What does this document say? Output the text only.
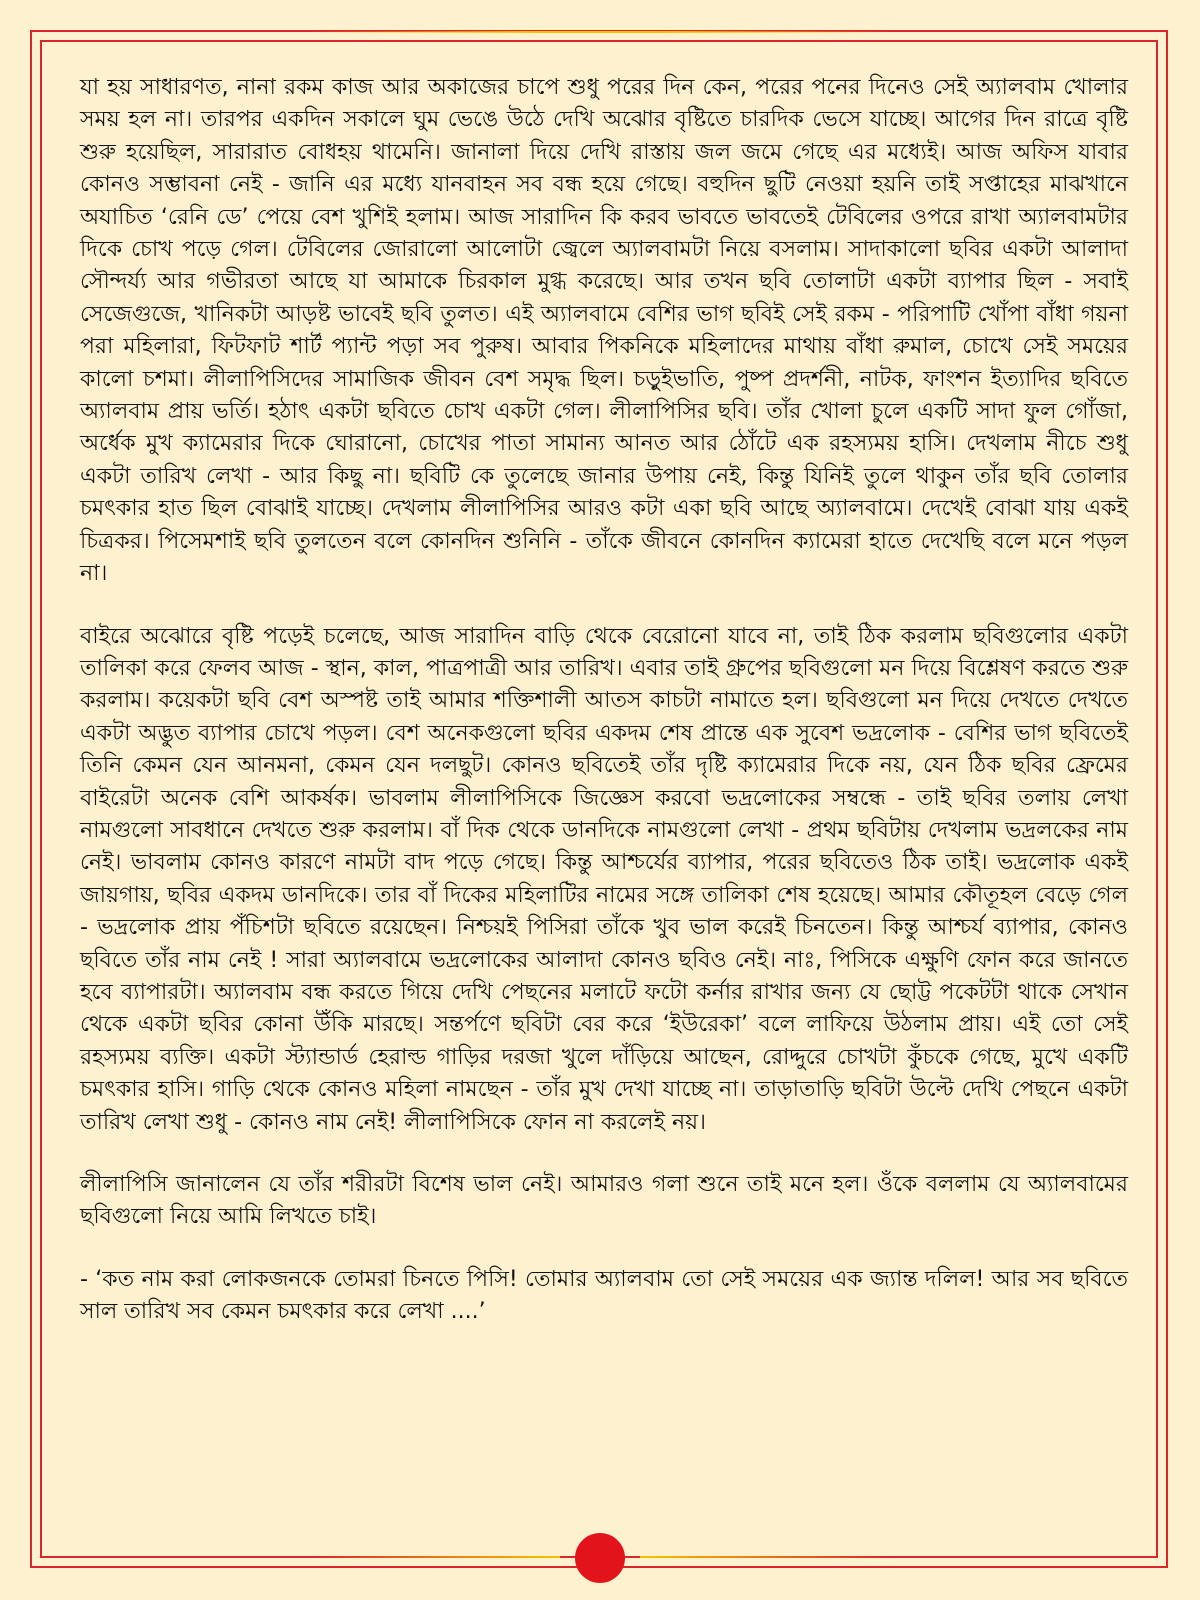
যা হয় সাধারণত, নানা রকম কাজ আর অকাজের চাপে শুধু পরের দিন কেন, পরের পনের দিনেও সেই অ্যালবাম খোলার সময় হল না। তারপর একদিন সকালে ঘুম ভেঙে উঠে দেখি অঝোর বৃষ্টিতে চারদিক ভেসে যাচ্ছে। আগের দিন রাত্রে বৃষ্টি শুরু হয়েছিল, সারারাত বোধহয় থামেনি। জানালা দিয়ে দেখি রাস্তায় জল জমে গেছে এর মধ্যেই। আজ অফিস যাবার কোনও সম্ভাবনা নেই - জানি এর মধ্যে যানবাহন সব বন্ধ হয়ে গেছে। বহুদিন ছুটি নেওয়া হয়নি তাই সপ্তাহের মাঝখানে অযাচিত ‘রেনি ডে’ পেয়ে বেশ খুশিই হলাম। আজ সারাদিন কি করব ভাবতে ভাবতেই টেবিলের ওপরে রাখা অ্যালবামটার দিকে চোখ পড়ে গেল। টেবিলের জোরালো আলোটা জ্বেলে অ্যালবামটা নিয়ে বসলাম। সাদাকালো ছবির একটা আলাদা সৌন্দর্য্য আর গভীরতা আছে যা আমাকে চিরকাল মুগ্ধ করেছে। আর তখন ছবি তোলাটা একটা ব্যাপার ছিল - সবাই সেজেগুজে, খানিকটা আড়ষ্ট ভাবেই ছবি তুলত। এই অ্যালবামে বেশির ভাগ ছবিই সেই রকম - পরিপাটি খোঁপা বাঁধা গয়না পরা মহিলারা, ফিটফাট শার্ট প্যান্ট পড়া সব পুরুষ। আবার পিকনিকে মহিলাদের মাথায় বাঁধা রুমাল, চোখে সেই সময়ের কালো চশমা। লীলাপিসিদের সামাজিক জীবন বেশ সমৃদ্ধ ছিল। চড়ুইভাতি, পুষ্প প্রদর্শনী, নাটক, ফাংশন ইত্যাদির ছবিতে অ্যালবাম প্রায় ভর্তি। হঠাৎ একটা ছবিতে চোখ একটা গেল। লীলাপিসির ছবি। তাঁর খোলা চুলে একটি সাদা ফুল গোঁজা, অর্ধেক মুখ ক্যামেরার দিকে ঘোরানো, চোখের পাতা সামান্য আনত আর ঠোঁটে এক রহস্যময় হাসি। দেখলাম নীচে শুধু একটা তারিখ লেখা - আর কিছু না। ছবিটি কে তুলেছে জানার উপায় নেই, কিন্তু যিনিই তুলে থাকুন তাঁর ছবি তোলার চমৎকার হাত ছিল বোঝাই যাচ্ছে। দেখলাম লীলাপিসির আরও কটা একা ছবি আছে অ্যালবামে। দেখেই বোঝা যায় একই চিত্রকর। পিসেমশাই ছবি তুলতেন বলে কোনদিন শুনিনি - তাঁকে জীবনে কোনদিন ক্যামেরা হাতে দেখেছি বলে মনে পড়ল না।

বাইরে অঝোরে বৃষ্টি পড়েই চলেছে, আজ সারাদিন বাড়ি থেকে বেরোনো যাবে না, তাই ঠিক করলাম ছবিগুলোর একটা তালিকা করে ফেলব আজ - স্থান, কাল, পাত্রপাত্রী আর তারিখ। এবার তাই গ্রুপের ছবিগুলো মন দিয়ে বিশ্লেষণ করতে শুরু করলাম। কয়েকটা ছবি বেশ অস্পষ্ট তাই আমার শক্তিশালী আতস কাচটা নামাতে হল। ছবিগুলো মন দিয়ে দেখতে দেখতে একটা অদ্ভুত ব্যাপার চোখে পড়ল। বেশ অনেকগুলো ছবির একদম শেষ প্রান্তে এক সুবেশ ভদ্রলোক - বেশির ভাগ ছবিতেই তিনি কেমন যেন আনমনা, কেমন যেন দলছুট। কোনও ছবিতেই তাঁর দৃষ্টি ক্যামেরার দিকে নয়, যেন ঠিক ছবির ফ্রেমের বাইরেটা অনেক বেশি আকর্ষক। ভাবলাম লীলাপিসিকে জিজ্ঞেস করবো ভদ্রলোকের সম্বন্ধে - তাই ছবির তলায় লেখা নামগুলো সাবধানে দেখতে শুরু করলাম। বাঁ দিক থেকে ডানদিকে নামগুলো লেখা - প্রথম ছবিটায় দেখলাম ভদ্রলকের নাম নেই। ভাবলাম কোনও কারণে নামটা বাদ পড়ে গেছে। কিন্তু আশ্চর্যের ব্যাপার, পরের ছবিতেও ঠিক তাই। ভদ্রলোক একই জায়গায়, ছবির একদম ডানদিকে। তার বাঁ দিকের মহিলাটির নামের সঙ্গে তালিকা শেষ হয়েছে। আমার কৌতূহল বেড়ে গেল - ভদ্রলোক প্রায় পঁচিশটা ছবিতে রয়েছেন। নিশ্চয়ই পিসিরা তাঁকে খুব ভাল করেই চিনতেন। কিন্তু আশ্চর্য ব্যাপার, কোনও ছবিতে তাঁর নাম নেই ! সারা অ্যালবামে ভদ্রলোকের আলাদা কোনও ছবিও নেই। নাঃ, পিসিকে এক্ষুণি ফোন করে জানতে হবে ব্যাপারটা। অ্যালবাম বন্ধ করতে গিয়ে দেখি পেছনের মলাটে ফটো কর্নার রাখার জন্য যে ছোট্ট পকেটটা থাকে সেখান থেকে একটা ছবির কোনা উঁকি মারছে। সন্তর্পণে ছবিটা বের করে ‘ইউরেকা’ বলে লাফিয়ে উঠলাম প্রায়। এই তো সেই রহস্যময় ব্যক্তি। একটা স্ট্যান্ডার্ড হেরাল্ড গাড়ির দরজা খুলে দাঁড়িয়ে আছেন, রোদ্দুরে চোখটা কুঁচকে গেছে, মুখে একটি চমৎকার হাসি। গাড়ি থেকে কোনও মহিলা নামছেন - তাঁর মুখ দেখা যাচ্ছে না। তাড়াতাড়ি ছবিটা উল্টে দেখি পেছনে একটা তারিখ লেখা শুধু - কোনও নাম নেই! লীলাপিসিকে ফোন না করলেই নয়।

লীলাপিসি জানালেন যে তাঁর শরীরটা বিশেষ ভাল নেই। আমারও গলা শুনে তাই মনে হল। ওঁকে বললাম যে অ্যালবামের ছবিগুলো নিয়ে আমি লিখতে চাই।

- ‘কত নাম করা লোকজনকে তোমরা চিনতে পিসি! তোমার অ্যালবাম তো সেই সময়ের এক জ্যান্ত দলিল! আর সব ছবিতে সাল তারিখ সব কেমন চমৎকার করে লেখা ....’
